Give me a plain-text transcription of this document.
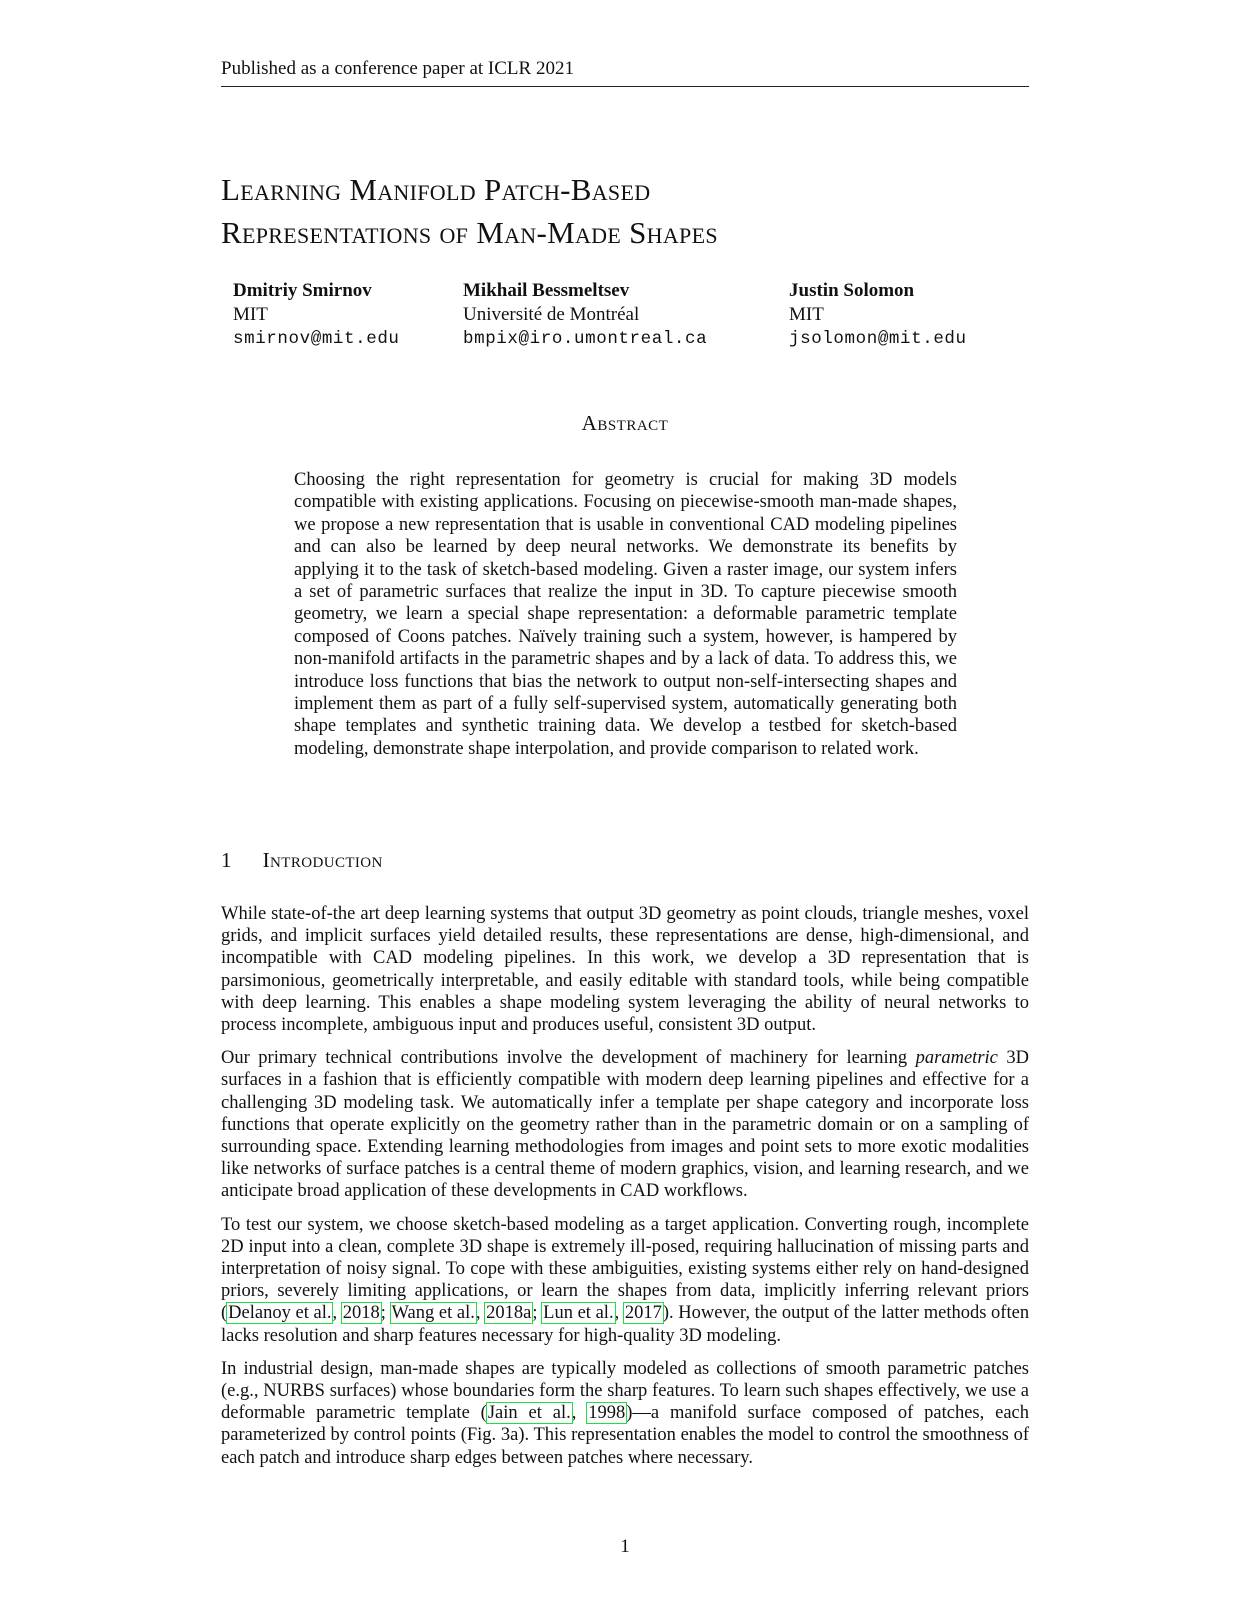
Published as a conference paper at ICLR 2021
Learning Manifold Patch-Based
Representations of Man-Made Shapes
Dmitriy Smirnov
MIT
smirnov@mit.edu
Mikhail Bessmeltsev
Université de Montréal
bmpix@iro.umontreal.ca
Justin Solomon
MIT
jsolomon@mit.edu
Abstract
Choosing the right representation for geometry is crucial for making 3D models compatible with existing applications. Focusing on piecewise-smooth man-made shapes, we propose a new representation that is usable in conventional CAD modeling pipelines and can also be learned by deep neural networks. We demonstrate its benefits by applying it to the task of sketch-based modeling. Given a raster image, our system infers a set of parametric surfaces that realize the input in 3D. To capture piecewise smooth geometry, we learn a special shape representation: a deformable parametric template composed of Coons patches. Naïvely training such a system, however, is hampered by non-manifold artifacts in the parametric shapes and by a lack of data. To address this, we introduce loss functions that bias the network to output non-self-intersecting shapes and implement them as part of a fully self-supervised system, automatically generating both shape templates and synthetic training data. We develop a testbed for sketch-based modeling, demonstrate shape interpolation, and provide comparison to related work.
1 Introduction

While state-of-the art deep learning systems that output 3D geometry as point clouds, triangle meshes, voxel grids, and implicit surfaces yield detailed results, these representations are dense, high-dimensional, and incompatible with CAD modeling pipelines. In this work, we develop a 3D representation that is parsimonious, geometrically interpretable, and easily editable with standard tools, while being compatible with deep learning. This enables a shape modeling system leveraging the ability of neural networks to process incomplete, ambiguous input and produces useful, consistent 3D output.

Our primary technical contributions involve the development of machinery for learning parametric 3D surfaces in a fashion that is efficiently compatible with modern deep learning pipelines and effective for a challenging 3D modeling task. We automatically infer a template per shape category and incorporate loss functions that operate explicitly on the geometry rather than in the parametric domain or on a sampling of surrounding space. Extending learning methodologies from images and point sets to more exotic modalities like networks of surface patches is a central theme of modern graphics, vision, and learning research, and we anticipate broad application of these developments in CAD workflows.

To test our system, we choose sketch-based modeling as a target application. Converting rough, incomplete 2D input into a clean, complete 3D shape is extremely ill-posed, requiring hallucination of missing parts and interpretation of noisy signal. To cope with these ambiguities, existing systems either rely on hand-designed priors, severely limiting applications, or learn the shapes from data, implicitly inferring relevant priors (Delanoy et al., 2018; Wang et al., 2018a; Lun et al., 2017). However, the output of the latter methods often lacks resolution and sharp features necessary for high-quality 3D modeling.

In industrial design, man-made shapes are typically modeled as collections of smooth parametric patches (e.g., NURBS surfaces) whose boundaries form the sharp features. To learn such shapes effectively, we use a deformable parametric template (Jain et al., 1998)—a manifold surface composed of patches, each parameterized by control points (Fig. 3a). This representation enables the model to control the smoothness of each patch and introduce sharp edges between patches where necessary.

1
